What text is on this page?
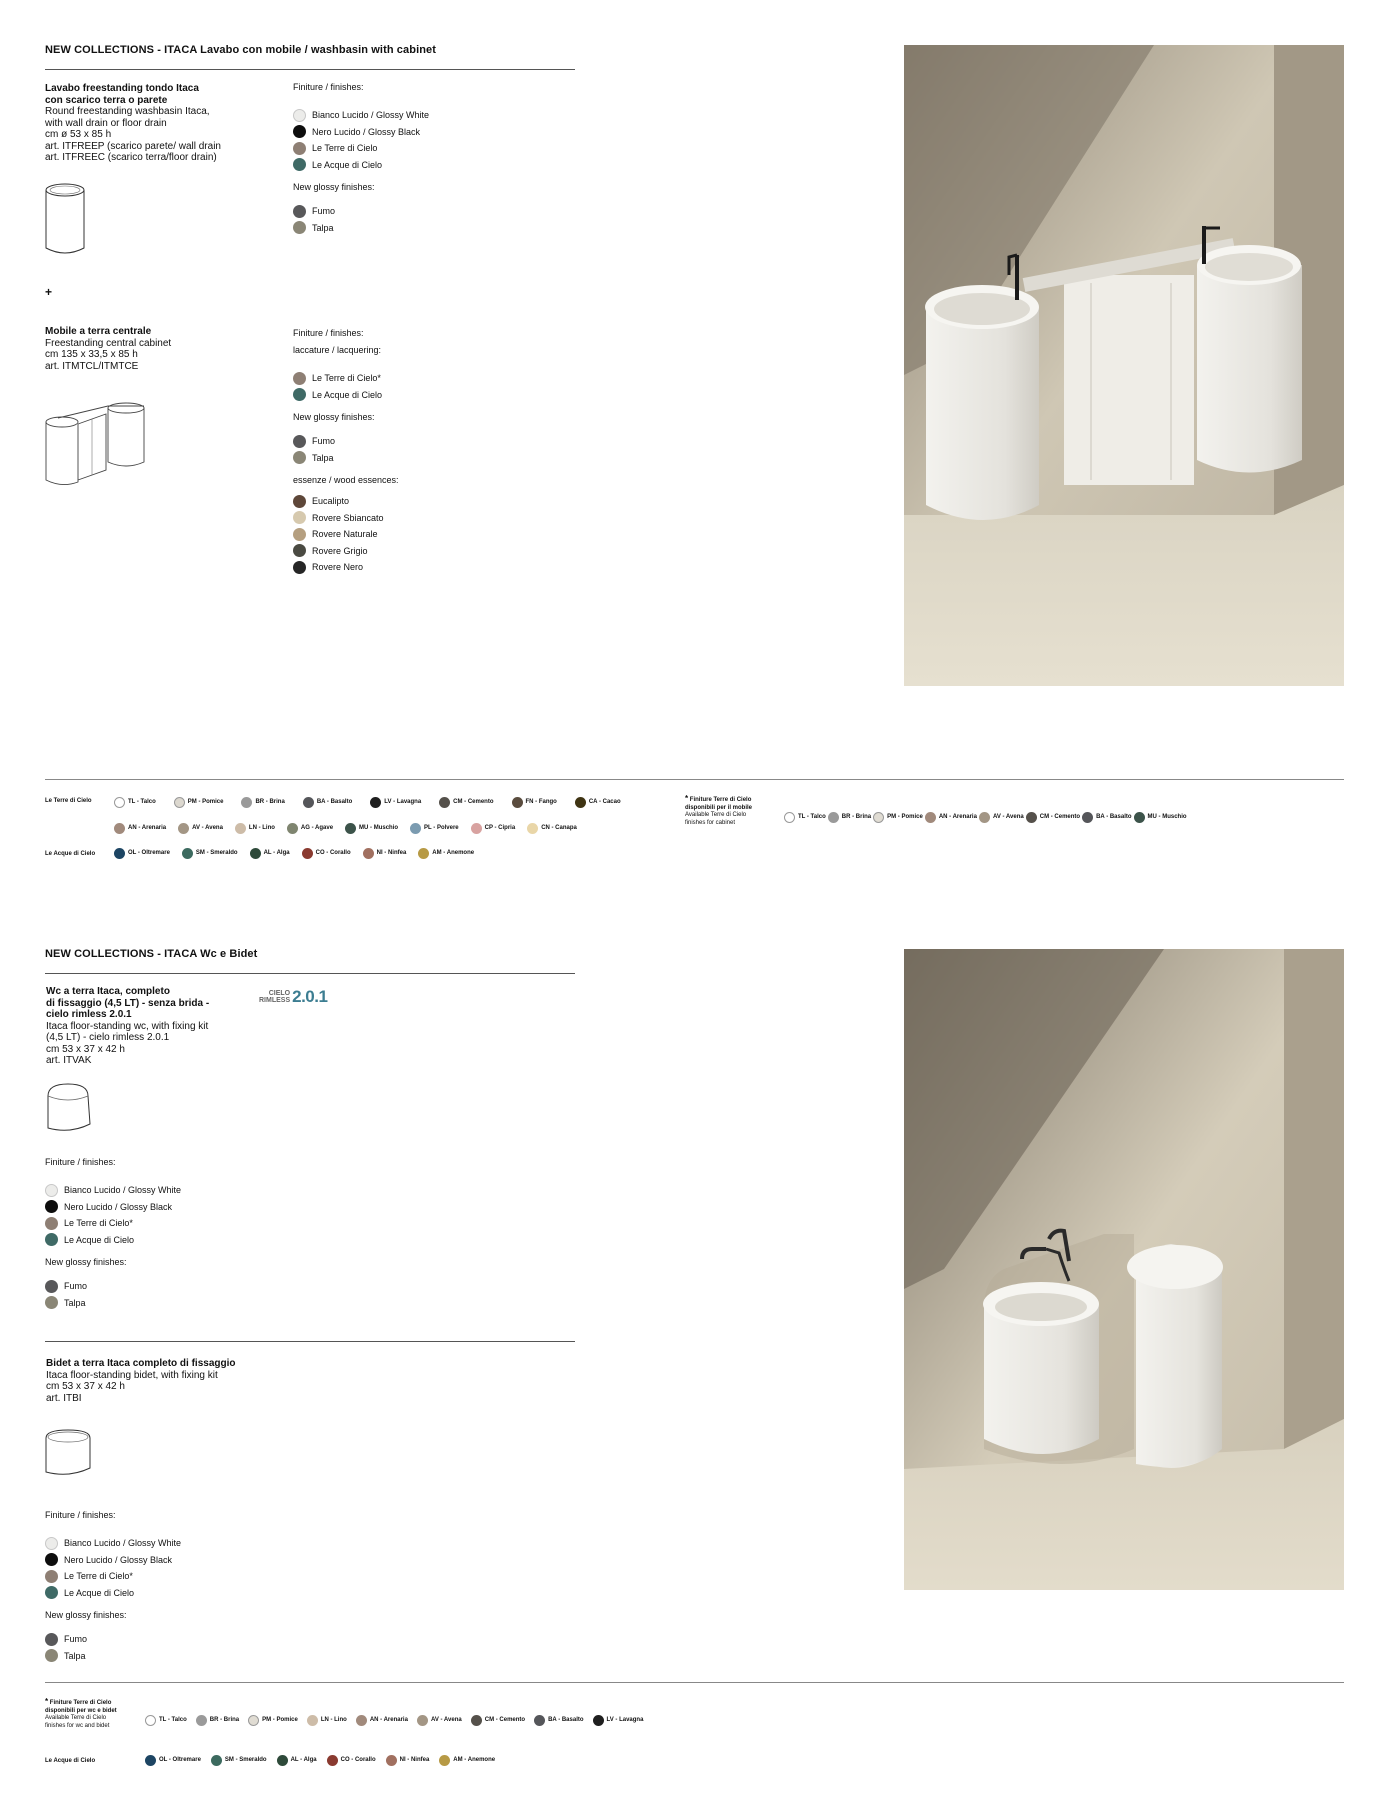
NEW COLLECTIONS - ITACA Lavabo con mobile / washbasin with cabinet
Lavabo freestanding tondo Itaca
con scarico terra o parete
Round freestanding washbasin Itaca,
with wall drain or floor drain
cm ø 53 x 85 h
art. ITFREEP (scarico parete/ wall drain
art. ITFREEC (scarico terra/floor drain)
+
Finiture / finishes:
Bianco Lucido / Glossy White
Nero Lucido / Glossy Black
Le Terre di Cielo
Le Acque di Cielo
New glossy finishes:
Fumo
Talpa
Mobile a terra centrale
Freestanding central cabinet
cm 135 x 33,5 x 85 h
art. ITMTCL/ITMTCE
Finiture / finishes:
laccature / lacquering:
Le Terre di Cielo*
Le Acque di Cielo
New glossy finishes:
Fumo
Talpa
essenze / wood essences:
Eucalipto
Rovere Sbiancato
Rovere Naturale
Rovere Grigio
Rovere Nero
Le Terre di Cielo	TL - Talco	PM - Pomice	BR - Brina	BA - Basalto	LV - Lavagna	CM - Cemento	FN - Fango	CA - Cacao
AN - Arenaria	AV - Avena	LN - Lino	AG - Agave	MU - Muschio	PL - Polvere	CP - Cipria	CN - Canapa
Le Acque di Cielo	OL - Oltremare	SM - Smeraldo	AL - Alga	CO - Corallo	NI - Ninfea	AM - Anemone
* Finiture Terre di Cielo
disponibili per il mobile
Available Terre di Cielo
finishes for cabinet
TL - Talco	BR - Brina	PM - Pomice	AN - Arenaria	AV - Avena	CM - Cemento	BA - Basalto	MU - Muschio
NEW COLLECTIONS - ITACA Wc e Bidet
Wc a terra Itaca, completo
di fissaggio (4,5 LT) - senza brida -
cielo rimless 2.0.1
Itaca floor-standing wc, with fixing kit
(4,5 LT) - cielo rimless 2.0.1
cm 53 x 37 x 42 h
art. ITVAK
CIELO
RIMLESS 2.0.1
Finiture / finishes:
Bianco Lucido / Glossy White
Nero Lucido / Glossy Black
Le Terre di Cielo*
Le Acque di Cielo
New glossy finishes:
Fumo
Talpa
Bidet a terra Itaca completo di fissaggio
Itaca floor-standing bidet, with fixing kit
cm 53 x 37 x 42 h
art. ITBI
Finiture / finishes:
Bianco Lucido / Glossy White
Nero Lucido / Glossy Black
Le Terre di Cielo*
Le Acque di Cielo
New glossy finishes:
Fumo
Talpa
* Finiture Terre di Cielo
disponibili per wc e bidet
Available Terre di Cielo
finishes for wc and bidet
TL - Talco	BR - Brina	PM - Pomice	LN - Lino	AN - Arenaria	AV - Avena	CM - Cemento	BA - Basalto	LV - Lavagna
Le Acque di Cielo	OL - Oltremare	SM - Smeraldo	AL - Alga	CO - Corallo	NI - Ninfea	AM - Anemone
